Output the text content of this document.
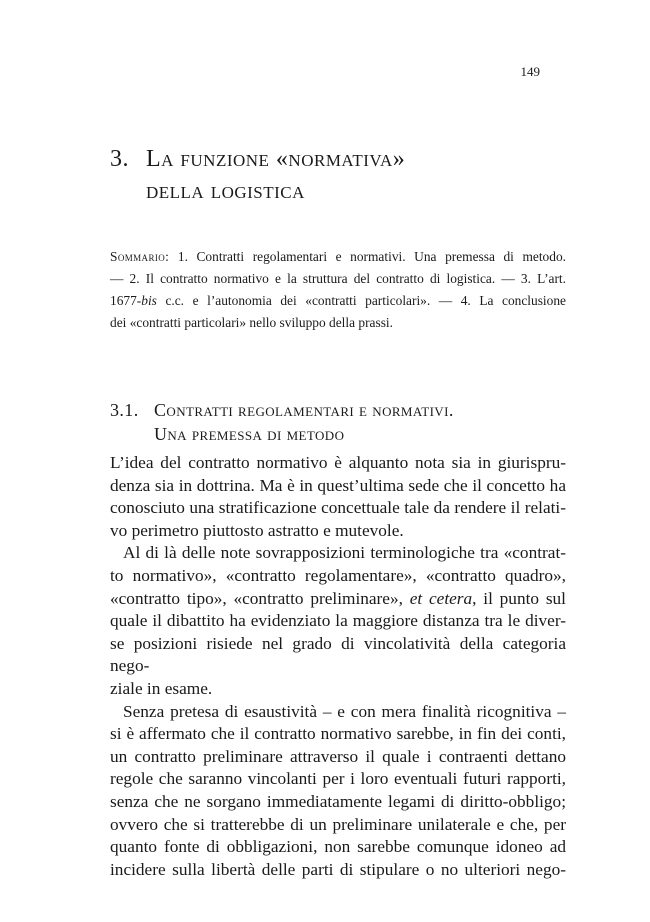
149
3. La funzione «normativa»
della logistica
Sommario: 1. Contratti regolamentari e normativi. Una premessa di metodo.
— 2. Il contratto normativo e la struttura del contratto di logistica. — 3. L’art.
1677-bis c.c. e l’autonomia dei «contratti particolari». — 4. La conclusione
dei «contratti particolari» nello sviluppo della prassi.
3.1. Contratti regolamentari e normativi.
Una premessa di metodo
L’idea del contratto normativo è alquanto nota sia in giurispru-
denza sia in dottrina. Ma è in quest’ultima sede che il concetto ha
conosciuto una stratificazione concettuale tale da rendere il relati-
vo perimetro piuttosto astratto e mutevole.
Al di là delle note sovrapposizioni terminologiche tra «contrat-
to normativo», «contratto regolamentare», «contratto quadro»,
«contratto tipo», «contratto preliminare», et cetera, il punto sul
quale il dibattito ha evidenziato la maggiore distanza tra le diver-
se posizioni risiede nel grado di vincolatività della categoria nego-
ziale in esame.
Senza pretesa di esaustività – e con mera finalità ricognitiva –
si è affermato che il contratto normativo sarebbe, in fin dei conti,
un contratto preliminare attraverso il quale i contraenti dettano
regole che saranno vincolanti per i loro eventuali futuri rapporti,
senza che ne sorgano immediatamente legami di diritto-obbligo;
ovvero che si tratterebbe di un preliminare unilaterale e che, per
quanto fonte di obbligazioni, non sarebbe comunque idoneo ad
incidere sulla libertà delle parti di stipulare o no ulteriori nego-
